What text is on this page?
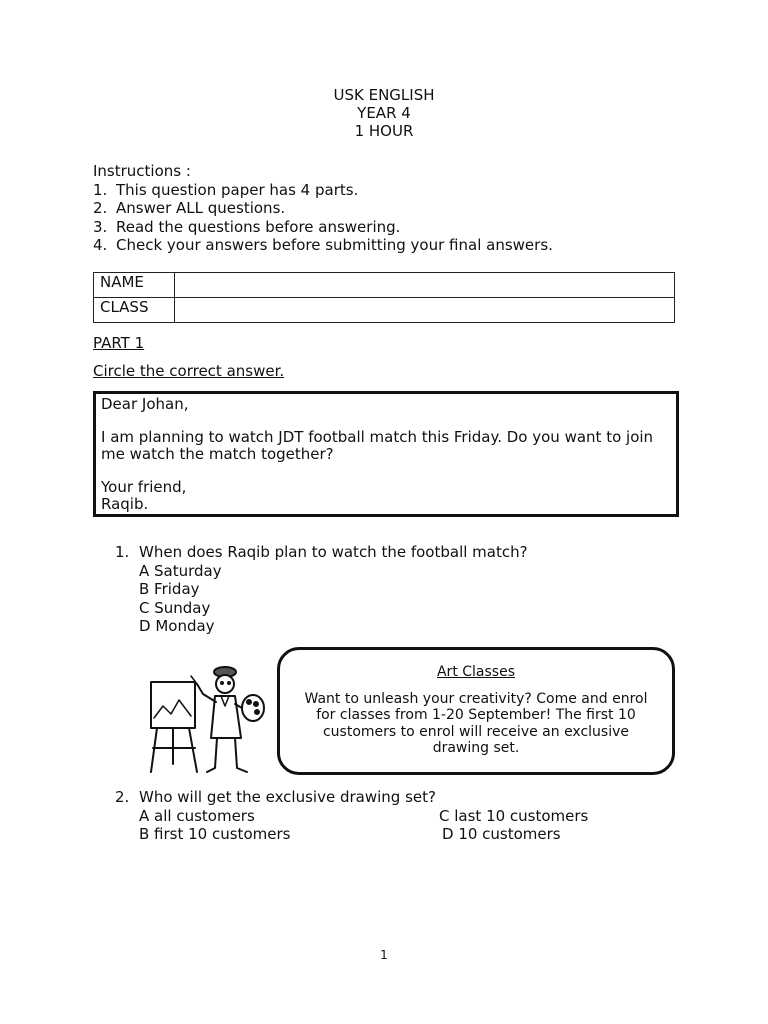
USK ENGLISH
YEAR 4
1 HOUR
Instructions :
1. This question paper has 4 parts.
2. Answer ALL questions.
3. Read the questions before answering.
4. Check your answers before submitting your final answers.
NAME	
CLASS	
PART 1
Circle the correct answer.
Dear Johan,
I am planning to watch JDT football match this Friday. Do you want to join me watch the match together?
Your friend,
Raqib.
1. When does Raqib plan to watch the football match?
A Saturday
B Friday
C Sunday
D Monday
Art Classes
Want to unleash your creativity? Come and enrol for classes from 1-20 September! The first 10 customers to enrol will receive an exclusive drawing set.
2. Who will get the exclusive drawing set?
A all customers	C last 10 customers
B first 10 customers	D 10 customers
1
